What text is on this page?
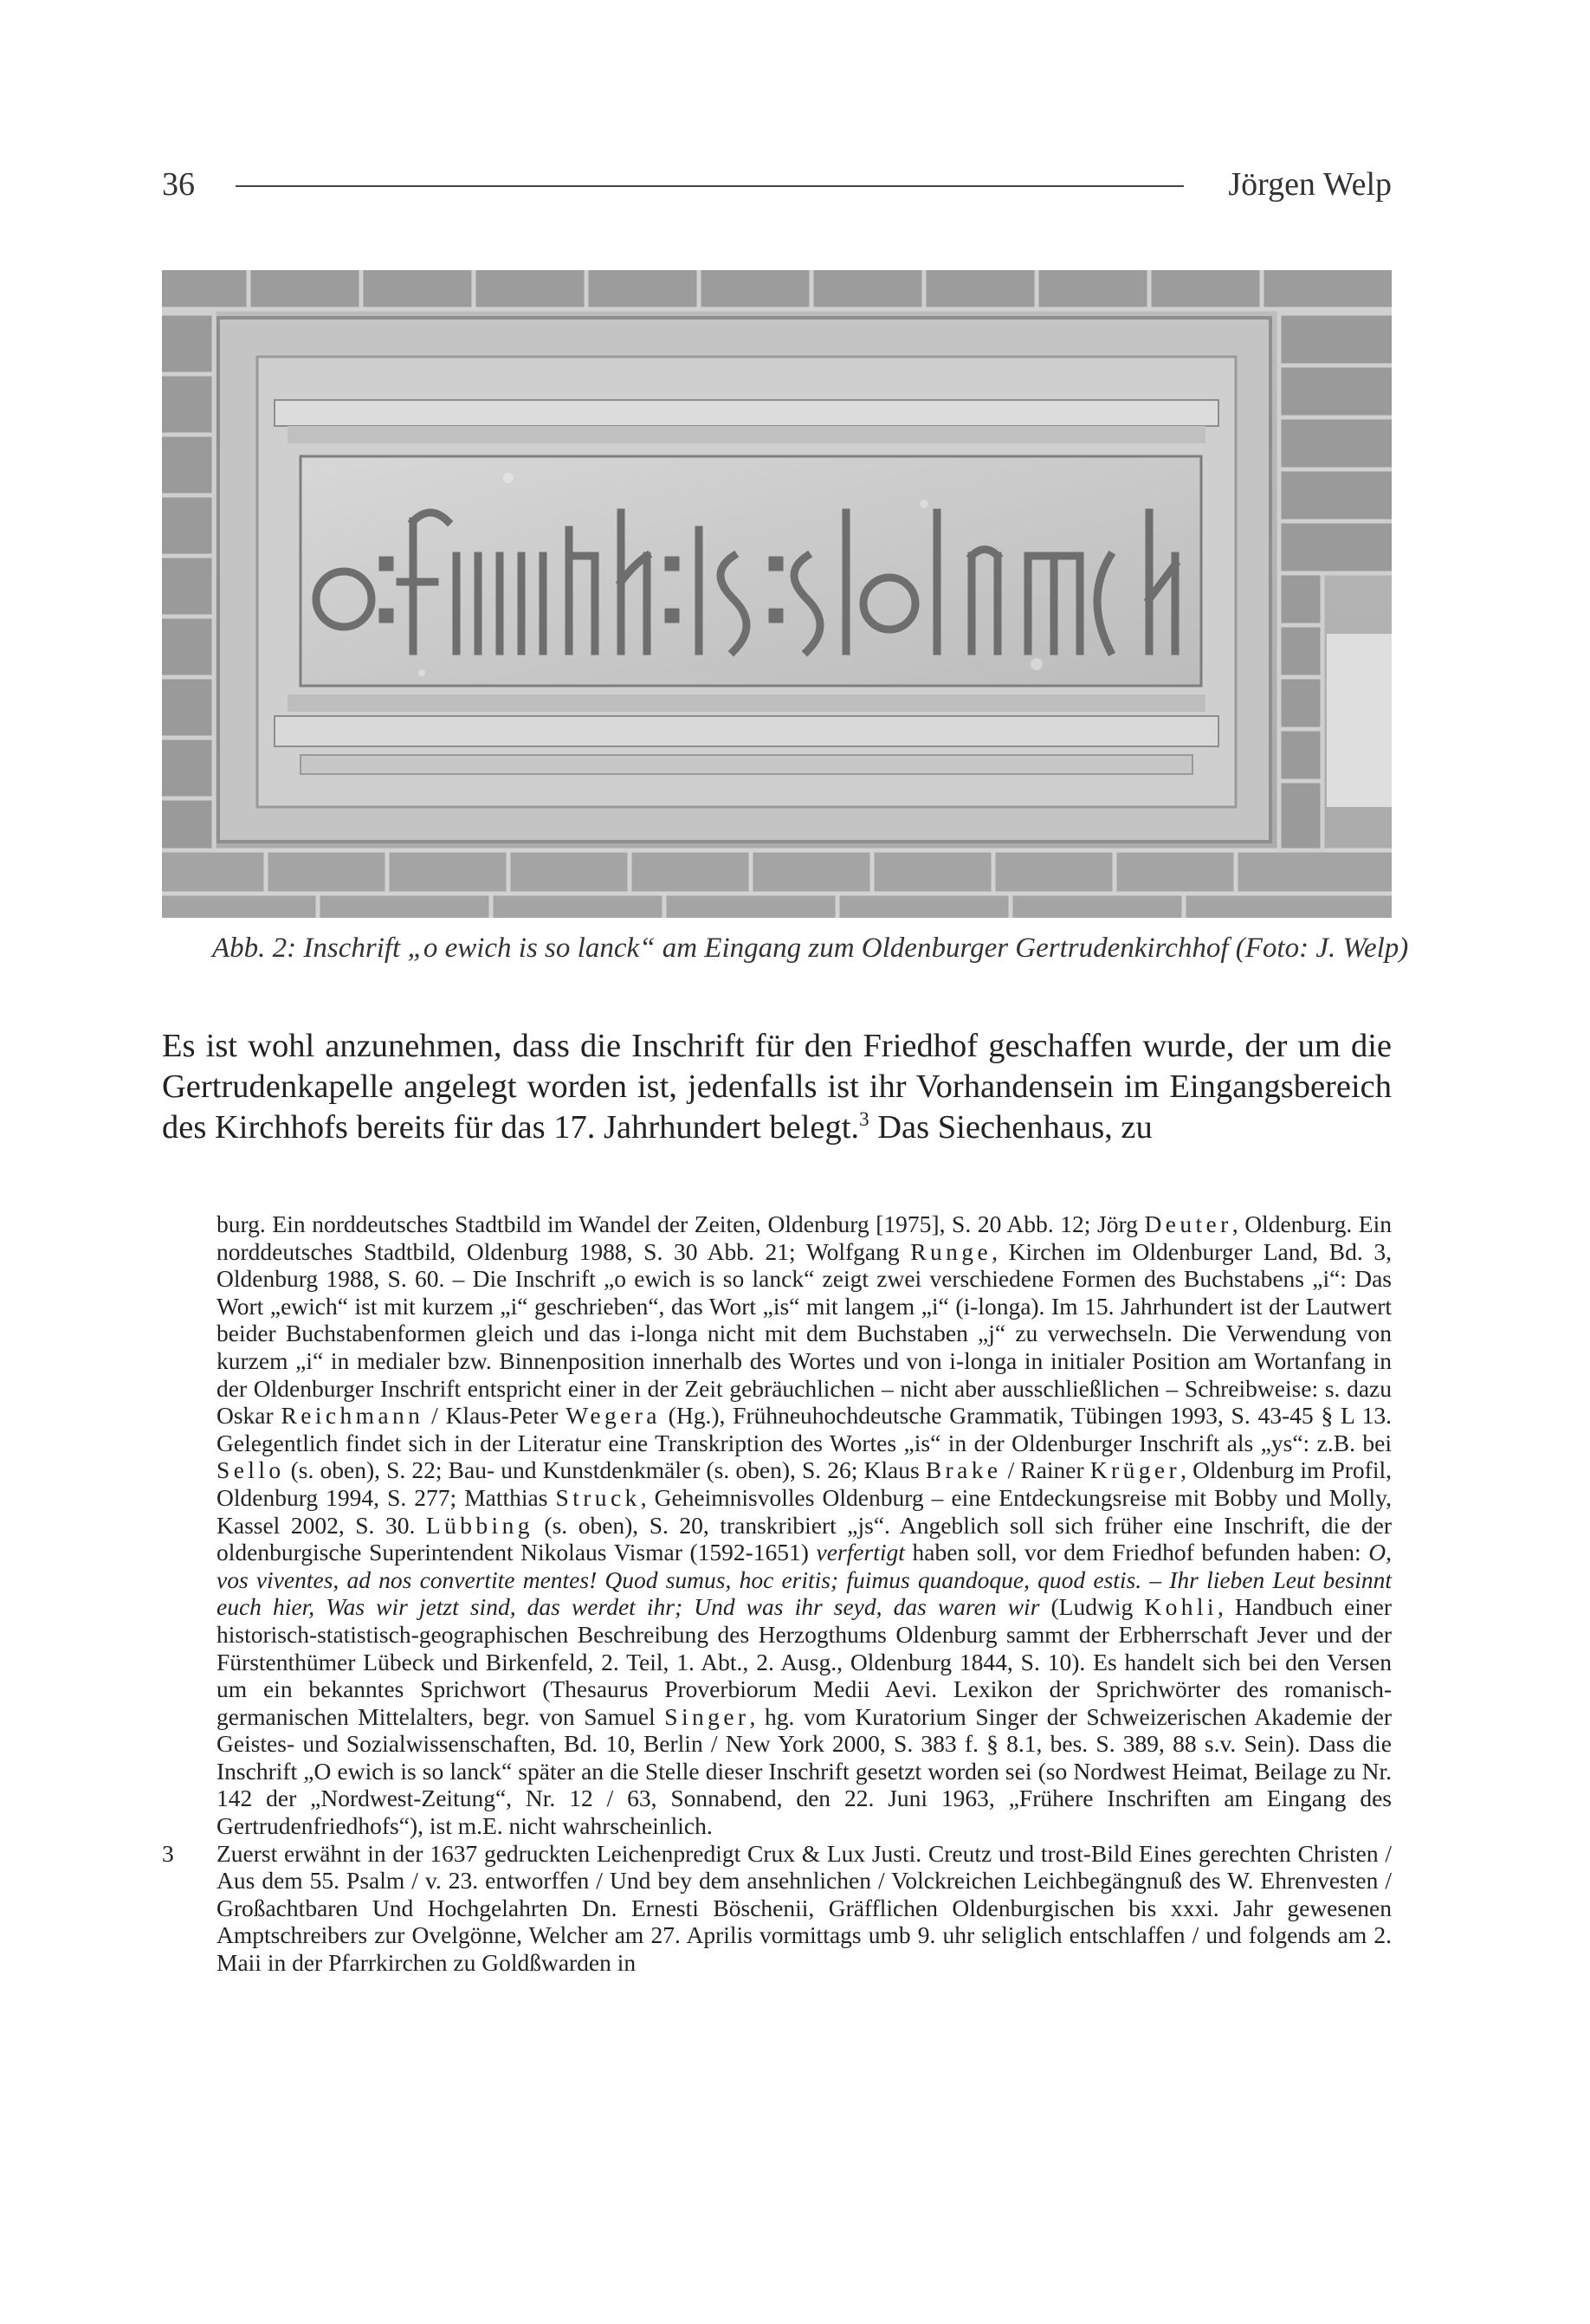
36	Jörgen Welp
Abb. 2: Inschrift „o ewich is so lanck“ am Eingang zum Oldenburger Gertrudenkirchhof (Foto: J. Welp)

Es ist wohl anzunehmen, dass die Inschrift für den Friedhof geschaffen wurde, der um die Gertrudenkapelle angelegt worden ist, jedenfalls ist ihr Vorhandensein im Eingangsbereich des Kirchhofs bereits für das 17. Jahrhundert belegt.$^3$ Das Siechenhaus, zu

burg. Ein norddeutsches Stadtbild im Wandel der Zeiten, Oldenburg [1975], S. 20 Abb. 12; Jörg Deuter, Oldenburg. Ein norddeutsches Stadtbild, Oldenburg 1988, S. 30 Abb. 21; Wolfgang Runge, Kirchen im Oldenburger Land, Bd. 3, Oldenburg 1988, S. 60. – Die Inschrift „o ewich is so lanck“ zeigt zwei verschiedene Formen des Buchstabens „i“: Das Wort „ewich“ ist mit kurzem „i“ geschrieben“, das Wort „is“ mit langem „i“ (i-longa). Im 15. Jahrhundert ist der Lautwert beider Buchstabenformen gleich und das i-longa nicht mit dem Buchstaben „j“ zu verwechseln. Die Verwendung von kurzem „i“ in medialer bzw. Binnenposition innerhalb des Wortes und von i-longa in initialer Position am Wortanfang in der Oldenburger Inschrift entspricht einer in der Zeit gebräuchlichen – nicht aber ausschließlichen – Schreibweise: s. dazu Oskar Reichmann / Klaus-Peter Wegera (Hg.), Frühneuhochdeutsche Grammatik, Tübingen 1993, S. 43-45 § L 13. Gelegentlich findet sich in der Literatur eine Transkription des Wortes „is“ in der Oldenburger Inschrift als „ys“: z.B. bei Sello (s. oben), S. 22; Bau- und Kunstdenkmäler (s. oben), S. 26; Klaus Brake / Rainer Krüger, Oldenburg im Profil, Oldenburg 1994, S. 277; Matthias Struck, Geheimnisvolles Oldenburg – eine Entdeckungsreise mit Bobby und Molly, Kassel 2002, S. 30. Lübbing (s. oben), S. 20, transkribiert „js“. Angeblich soll sich früher eine Inschrift, die der oldenburgische Superintendent Nikolaus Vismar (1592-1651) verfertigt haben soll, vor dem Friedhof befunden haben: O, vos viventes, ad nos convertite mentes! Quod sumus, hoc eritis; fuimus quandoque, quod estis. – Ihr lieben Leut besinnt euch hier, Was wir jetzt sind, das werdet ihr; Und was ihr seyd, das waren wir (Ludwig Kohli, Handbuch einer historisch-statistisch-geographischen Beschreibung des Herzogthums Oldenburg sammt der Erbherrschaft Jever und der Fürstenthümer Lübeck und Birkenfeld, 2. Teil, 1. Abt., 2. Ausg., Oldenburg 1844, S. 10). Es handelt sich bei den Versen um ein bekanntes Sprichwort (Thesaurus Proverbiorum Medii Aevi. Lexikon der Sprichwörter des romanisch-germanischen Mittelalters, begr. von Samuel Singer, hg. vom Kuratorium Singer der Schweizerischen Akademie der Geistes- und Sozialwissenschaften, Bd. 10, Berlin / New York 2000, S. 383 f. § 8.1, bes. S. 389, 88 s.v. Sein). Dass die Inschrift „O ewich is so lanck“ später an die Stelle dieser Inschrift gesetzt worden sei (so Nordwest Heimat, Beilage zu Nr. 142 der „Nordwest-Zeitung“, Nr. 12 / 63, Sonnabend, den 22. Juni 1963, „Frühere Inschriften am Eingang des Gertrudenfriedhofs“), ist m.E. nicht wahrscheinlich.

3 Zuerst erwähnt in der 1637 gedruckten Leichenpredigt Crux & Lux Justi. Creutz und trost-Bild Eines gerechten Christen / Aus dem 55. Psalm / v. 23. entworffen / Und bey dem ansehnlichen / Volckreichen Leichbegängnuß des W. Ehrenvesten / Großachtbaren Und Hochgelahrten Dn. Ernesti Böschenii, Gräfflichen Oldenburgischen bis xxxi. Jahr gewesenen Amptschreibers zur Ovelgönne, Welcher am 27. Aprilis vormittags umb 9. uhr seliglich entschlaffen / und folgends am 2. Maii in der Pfarrkirchen zu Goldßwarden in
